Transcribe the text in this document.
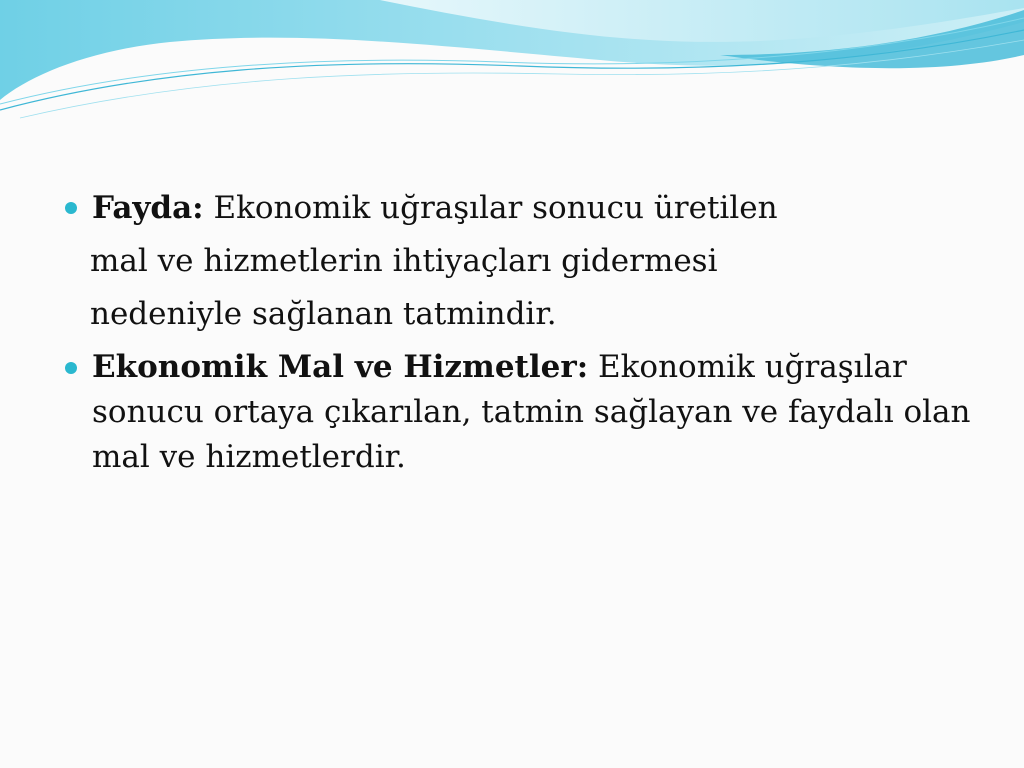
Fayda: Ekonomik uğraşılar sonucu üretilen
mal ve hizmetlerin ihtiyaçları gidermesi
nedeniyle sağlanan tatmindir.
Ekonomik Mal ve Hizmetler: Ekonomik uğraşılar
sonucu ortaya çıkarılan, tatmin sağlayan ve faydalı olan
mal ve hizmetlerdir.
